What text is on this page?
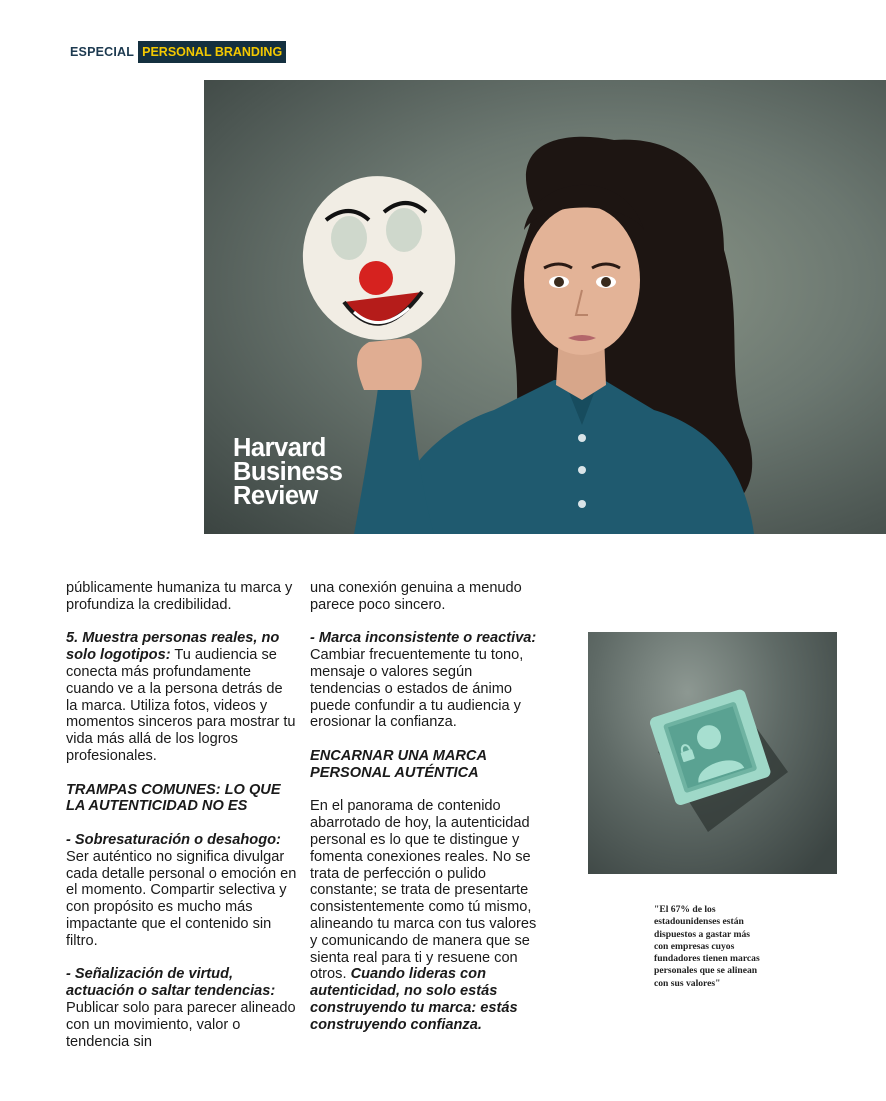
ESPECIAL PERSONAL BRANDING
Harvard
Business
Review

públicamente humaniza tu marca y profundiza la credibilidad.

5. Muestra personas reales, no solo logotipos: Tu audiencia se conecta más profundamente cuando ve a la persona detrás de la marca. Utiliza fotos, videos y momentos sinceros para mostrar tu vida más allá de los logros profesionales.

TRAMPAS COMUNES: LO QUE LA AUTENTICIDAD NO ES

- Sobresaturación o desahogo: Ser auténtico no significa divulgar cada detalle personal o emoción en el momento. Compartir selectiva y con propósito es mucho más impactante que el contenido sin filtro.

- Señalización de virtud, actuación o saltar tendencias: Publicar solo para parecer alineado con un movimiento, valor o tendencia sin

una conexión genuina a menudo parece poco sincero.

- Marca inconsistente o reactiva: Cambiar frecuentemente tu tono, mensaje o valores según tendencias o estados de ánimo puede confundir a tu audiencia y erosionar la confianza.

ENCARNAR UNA MARCA PERSONAL AUTÉNTICA

En el panorama de contenido abarrotado de hoy, la autenticidad personal es lo que te distingue y fomenta conexiones reales. No se trata de perfección o pulido constante; se trata de presentarte consistentemente como tú mismo, alineando tu marca con tus valores y comunicando de manera que se sienta real para ti y resuene con otros. Cuando lideras con autenticidad, no solo estás construyendo tu marca: estás construyendo confianza.

"El 67% de los estadounidenses están dispuestos a gastar más con empresas cuyos fundadores tienen marcas personales que se alinean con sus valores"
